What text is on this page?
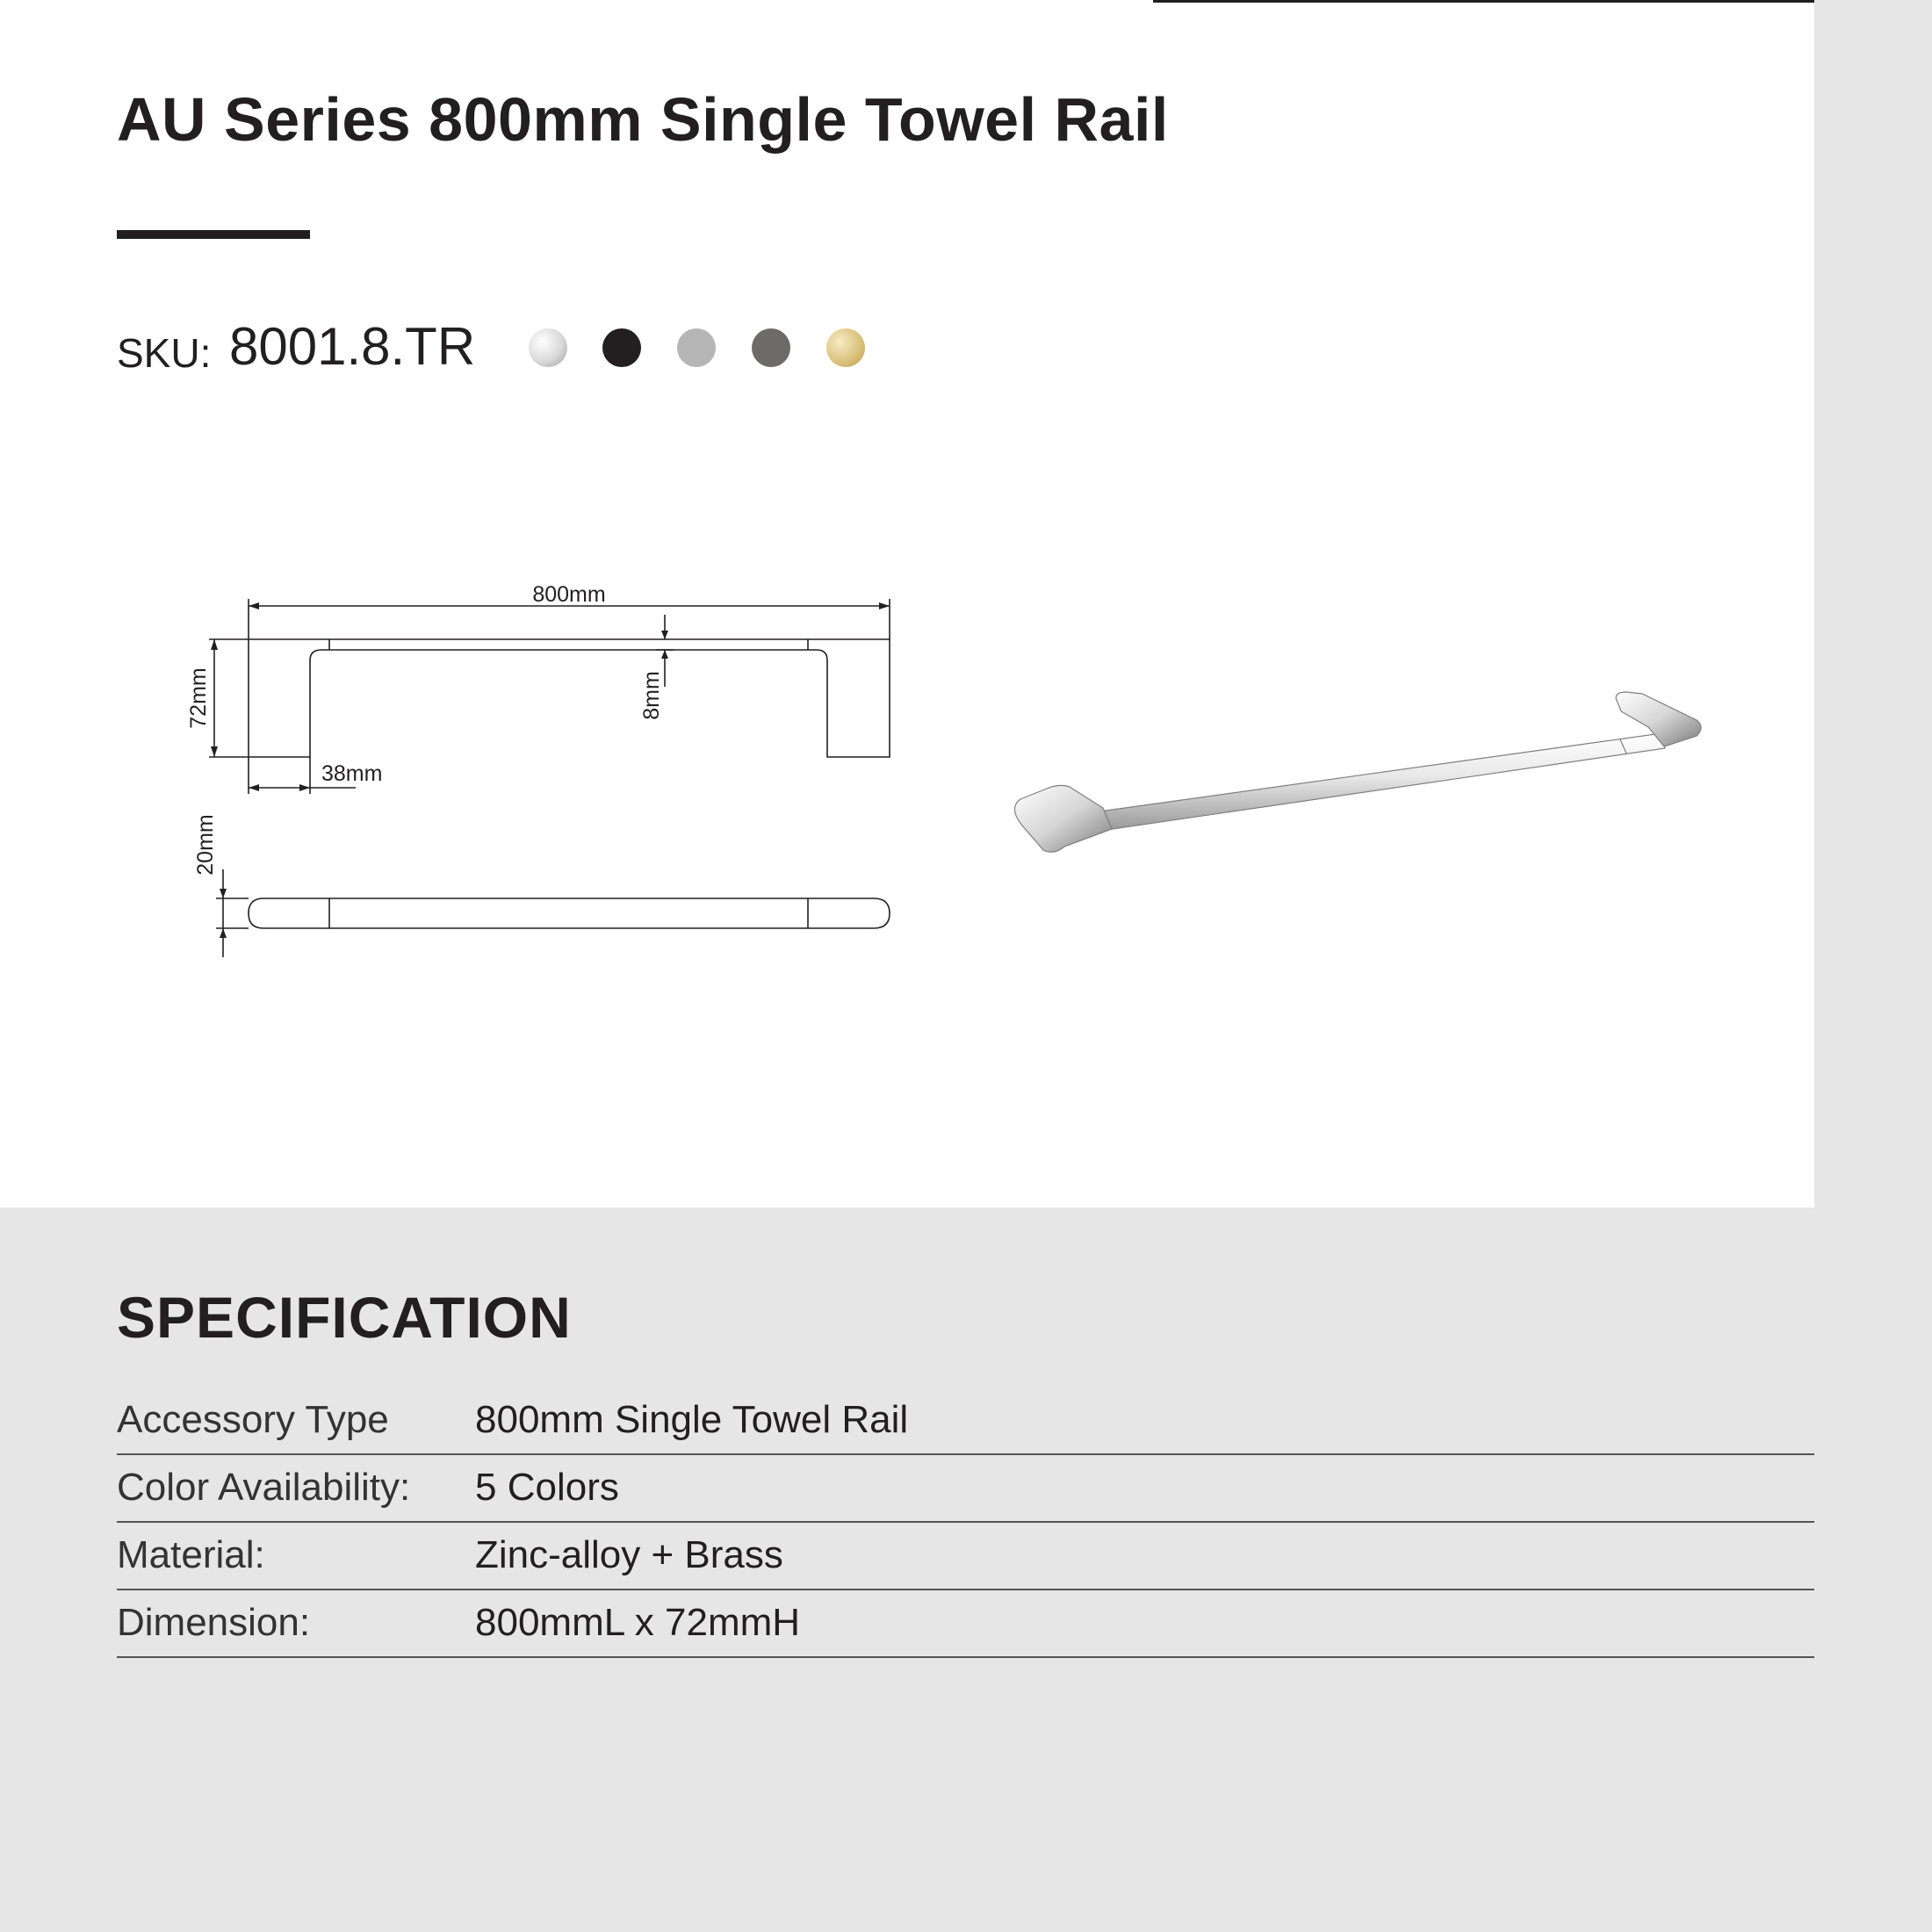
AU Series 800mm Single Towel Rail
SKU: 8001.8.TR
800mm
72mm	8mm
38mm
20mm
SPECIFICATION
Accessory Type 800mm Single Towel Rail
Color Availability: 5 Colors
Material:	Zinc-alloy + Brass
Dimension:	800mmL x 72mmH
